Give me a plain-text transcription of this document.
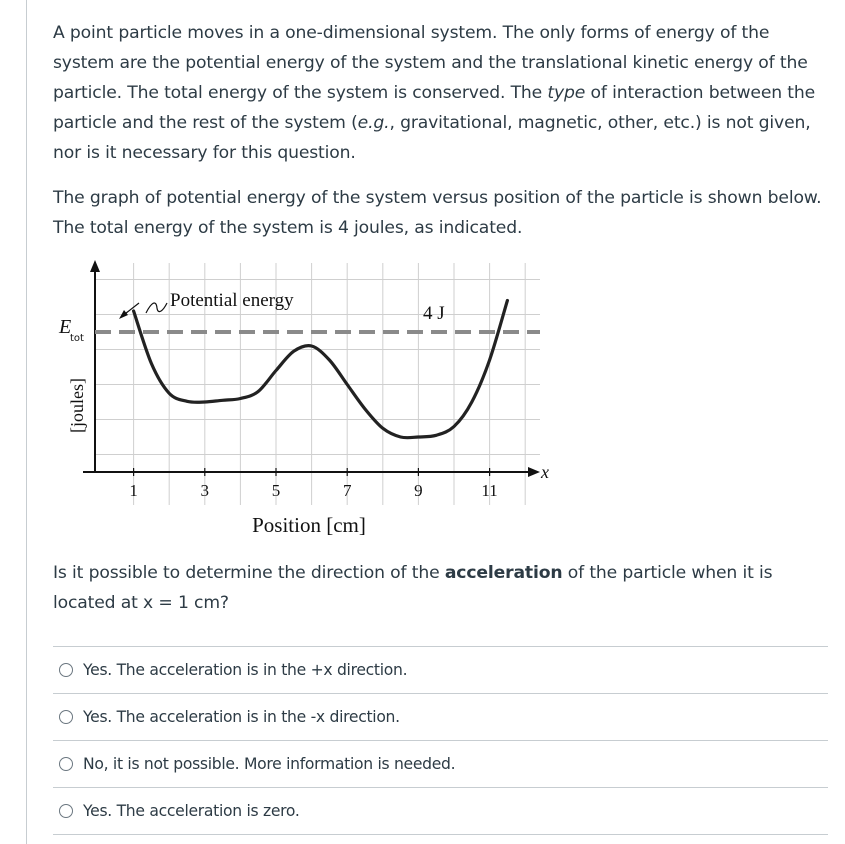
A point particle moves in a one-dimensional system. The only forms of energy of the system are the potential energy of the system and the translational kinetic energy of the particle. The total energy of the system is conserved. The type of interaction between the particle and the rest of the system (e.g., gravitational, magnetic, other, etc.) is not given, nor is it necessary for this question.

The graph of potential energy of the system versus position of the particle is shown below. The total energy of the system is 4 joules, as indicated.

x
E
tot
[joules]
1	3	5	7	9	11
Potential energy
4 J
Position [cm]

Is it possible to determine the direction of the acceleration of the particle when it is located at x = 1 cm?

Yes. The acceleration is in the +x direction.
Yes. The acceleration is in the -x direction.
No, it is not possible. More information is needed.
Yes. The acceleration is zero.
